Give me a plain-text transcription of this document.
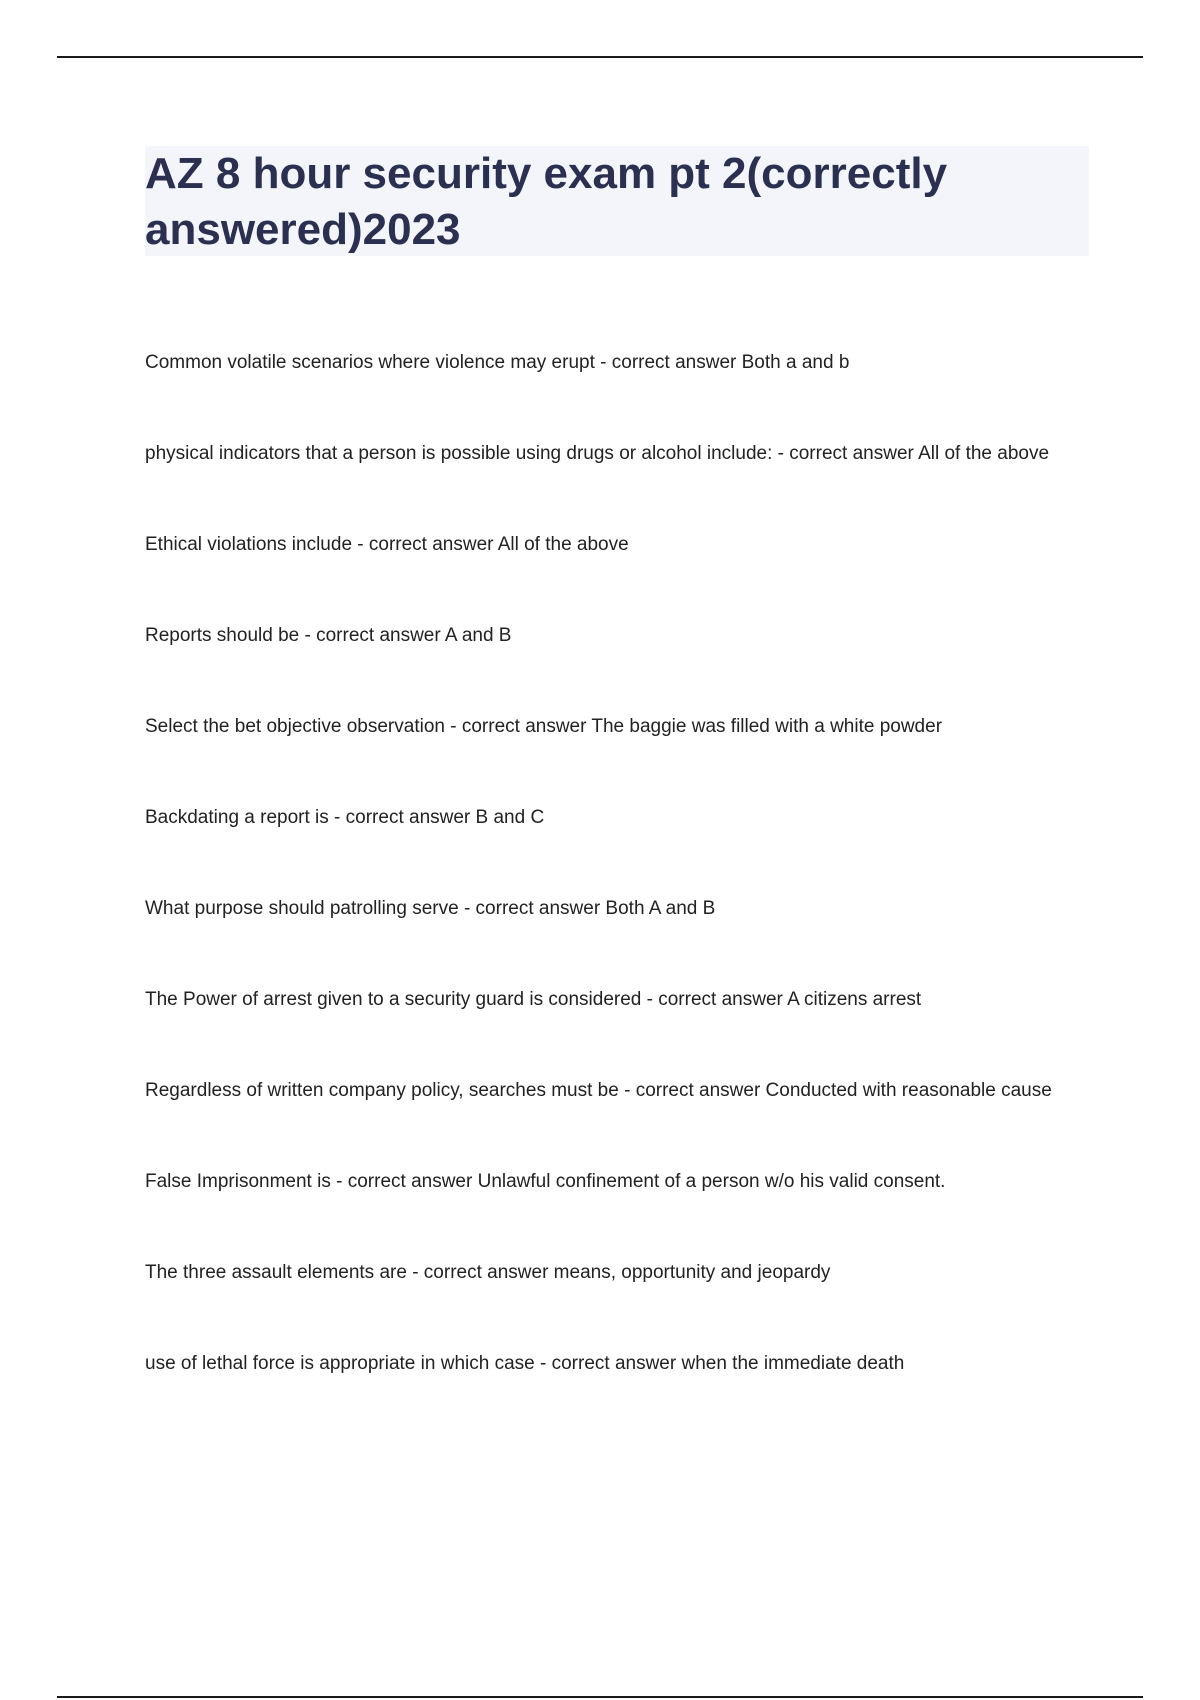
AZ 8 hour security exam pt 2(correctly answered)2023
Common volatile scenarios where violence may erupt - correct answer Both a and b
physical indicators that a person is possible using drugs or alcohol include: - correct answer All of the above
Ethical violations include - correct answer All of the above
Reports should be - correct answer A and B
Select the bet objective observation - correct answer The baggie was filled with a white powder
Backdating a report is - correct answer B and C
What purpose should patrolling serve - correct answer Both A and B
The Power of arrest given to a security guard is considered - correct answer A citizens arrest
Regardless of written company policy, searches must be - correct answer Conducted with reasonable cause
False Imprisonment is - correct answer Unlawful confinement of a person w/o his valid consent.
The three assault elements are - correct answer means, opportunity and jeopardy
use of lethal force is appropriate in which case - correct answer when the immediate death
